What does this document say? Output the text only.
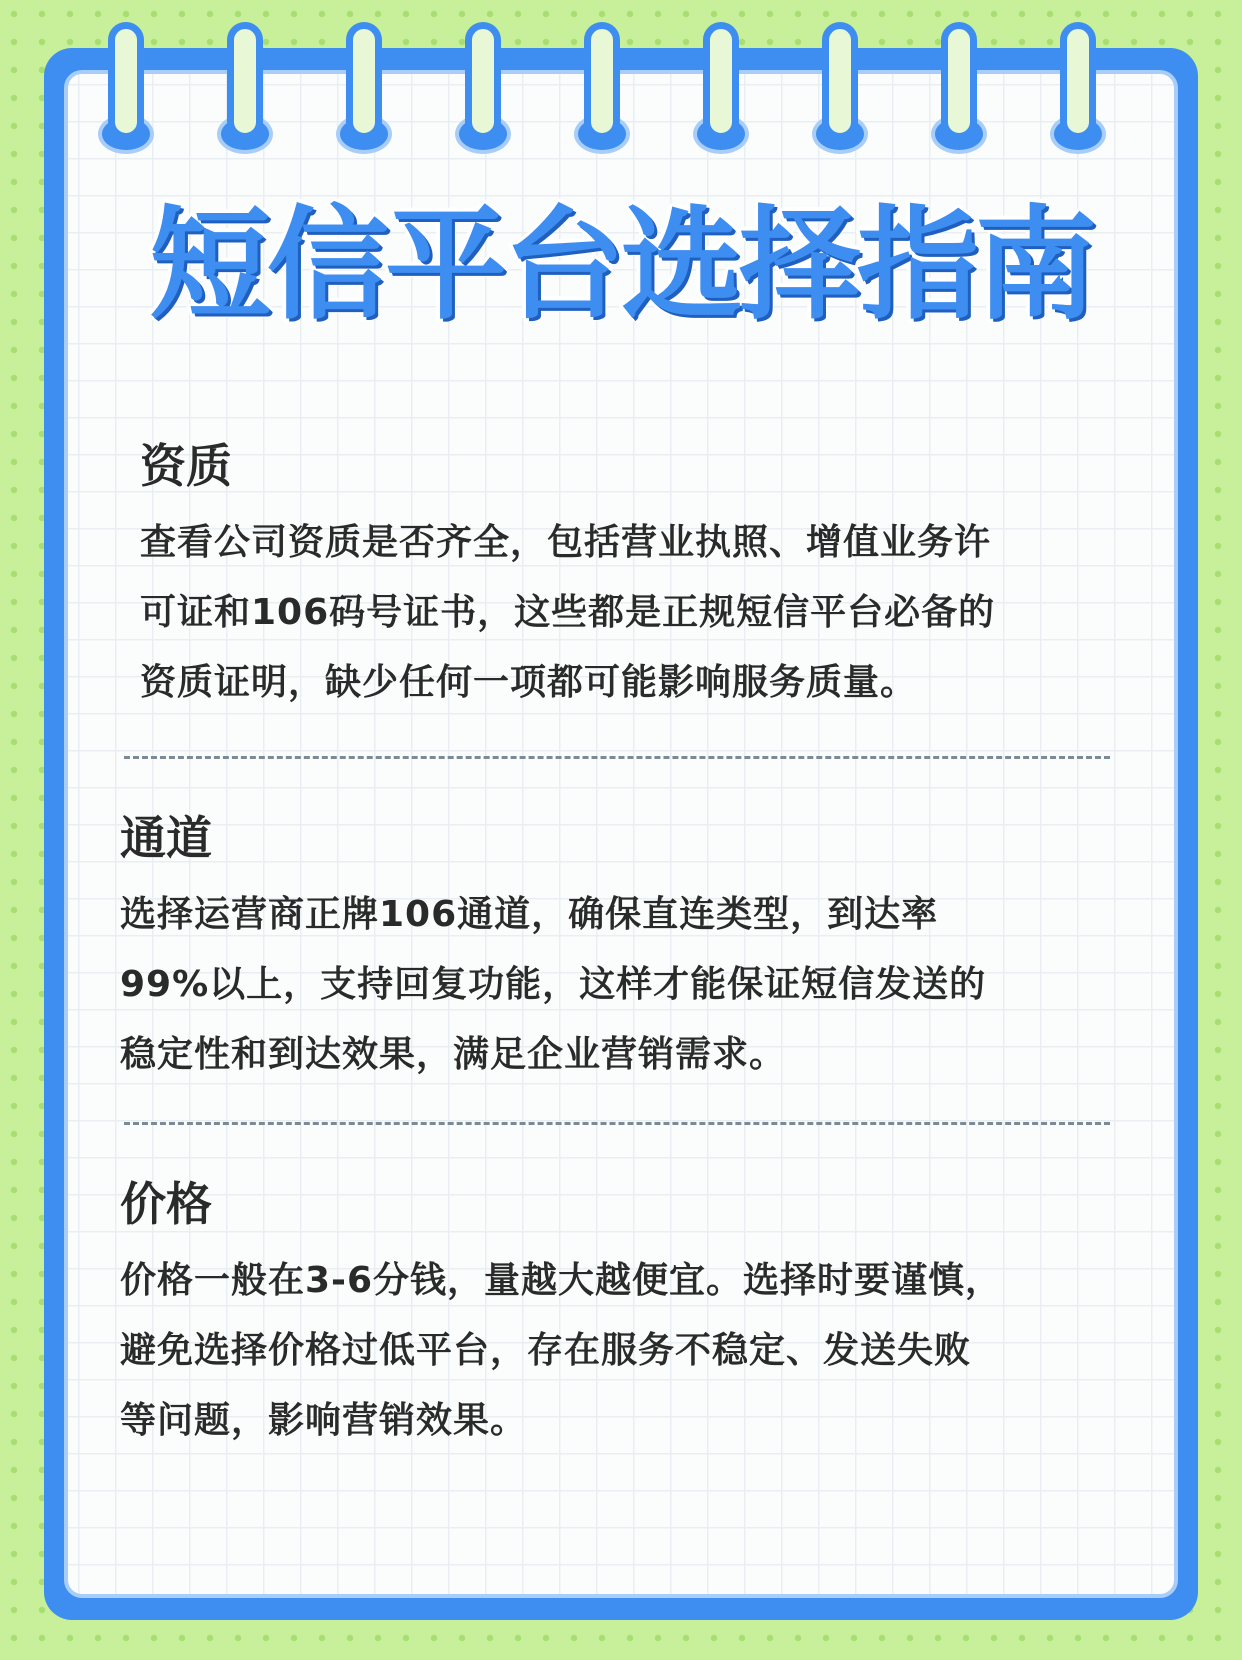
短信平台选择指南
资质
查看公司资质是否齐全，包括营业执照、增值业务许
可证和106码号证书，这些都是正规短信平台必备的
资质证明，缺少任何一项都可能影响服务质量。
通道
选择运营商正牌106通道，确保直连类型，到达率
99%以上，支持回复功能，这样才能保证短信发送的
稳定性和到达效果，满足企业营销需求。
价格
价格一般在3-6分钱，量越大越便宜。选择时要谨慎，
避免选择价格过低平台，存在服务不稳定、发送失败
等问题，影响营销效果。
